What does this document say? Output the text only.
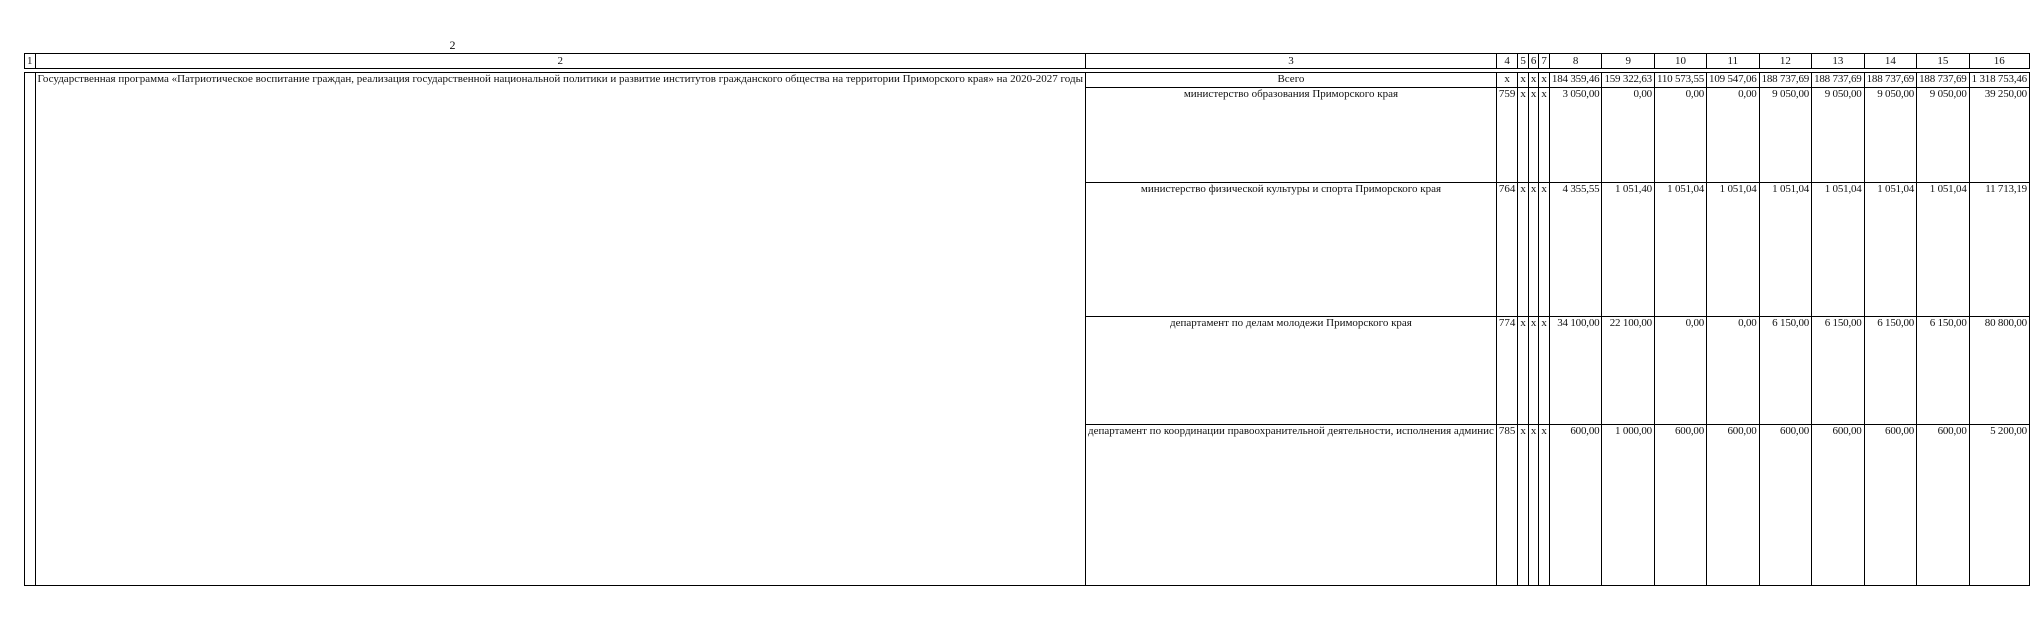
2
1	2	3	4	5	6	7	8	9	10	11	12	13	14	15	16

	Государственная программа «Патриотическое воспитание граждан, реализация государственной национальной политики и развитие институтов гражданского общества на территории Приморского края» на 2020-2027 годы	Всего	x	x	x	x	184 359,46	159 322,63	110 573,55	109 547,06	188 737,69	188 737,69	188 737,69	188 737,69	1 318 753,46
		министерство образования Приморского края	759	x	x	x	3 050,00	0,00	0,00	0,00	9 050,00	9 050,00	9 050,00	9 050,00	39 250,00
		министерство физической культуры и спорта Приморского края	764	x	x	x	4 355,55	1 051,40	1 051,04	1 051,04	1 051,04	1 051,04	1 051,04	1 051,04	11 713,19
		департамент по делам молодежи Приморского края	774	x	x	x	34 100,00	22 100,00	0,00	0,00	6 150,00	6 150,00	6 150,00	6 150,00	80 800,00
		департамент по координации правоохранительной деятельности, исполнения админис	785	x	x	x	600,00	1 000,00	600,00	600,00	600,00	600,00	600,00	600,00	5 200,00
